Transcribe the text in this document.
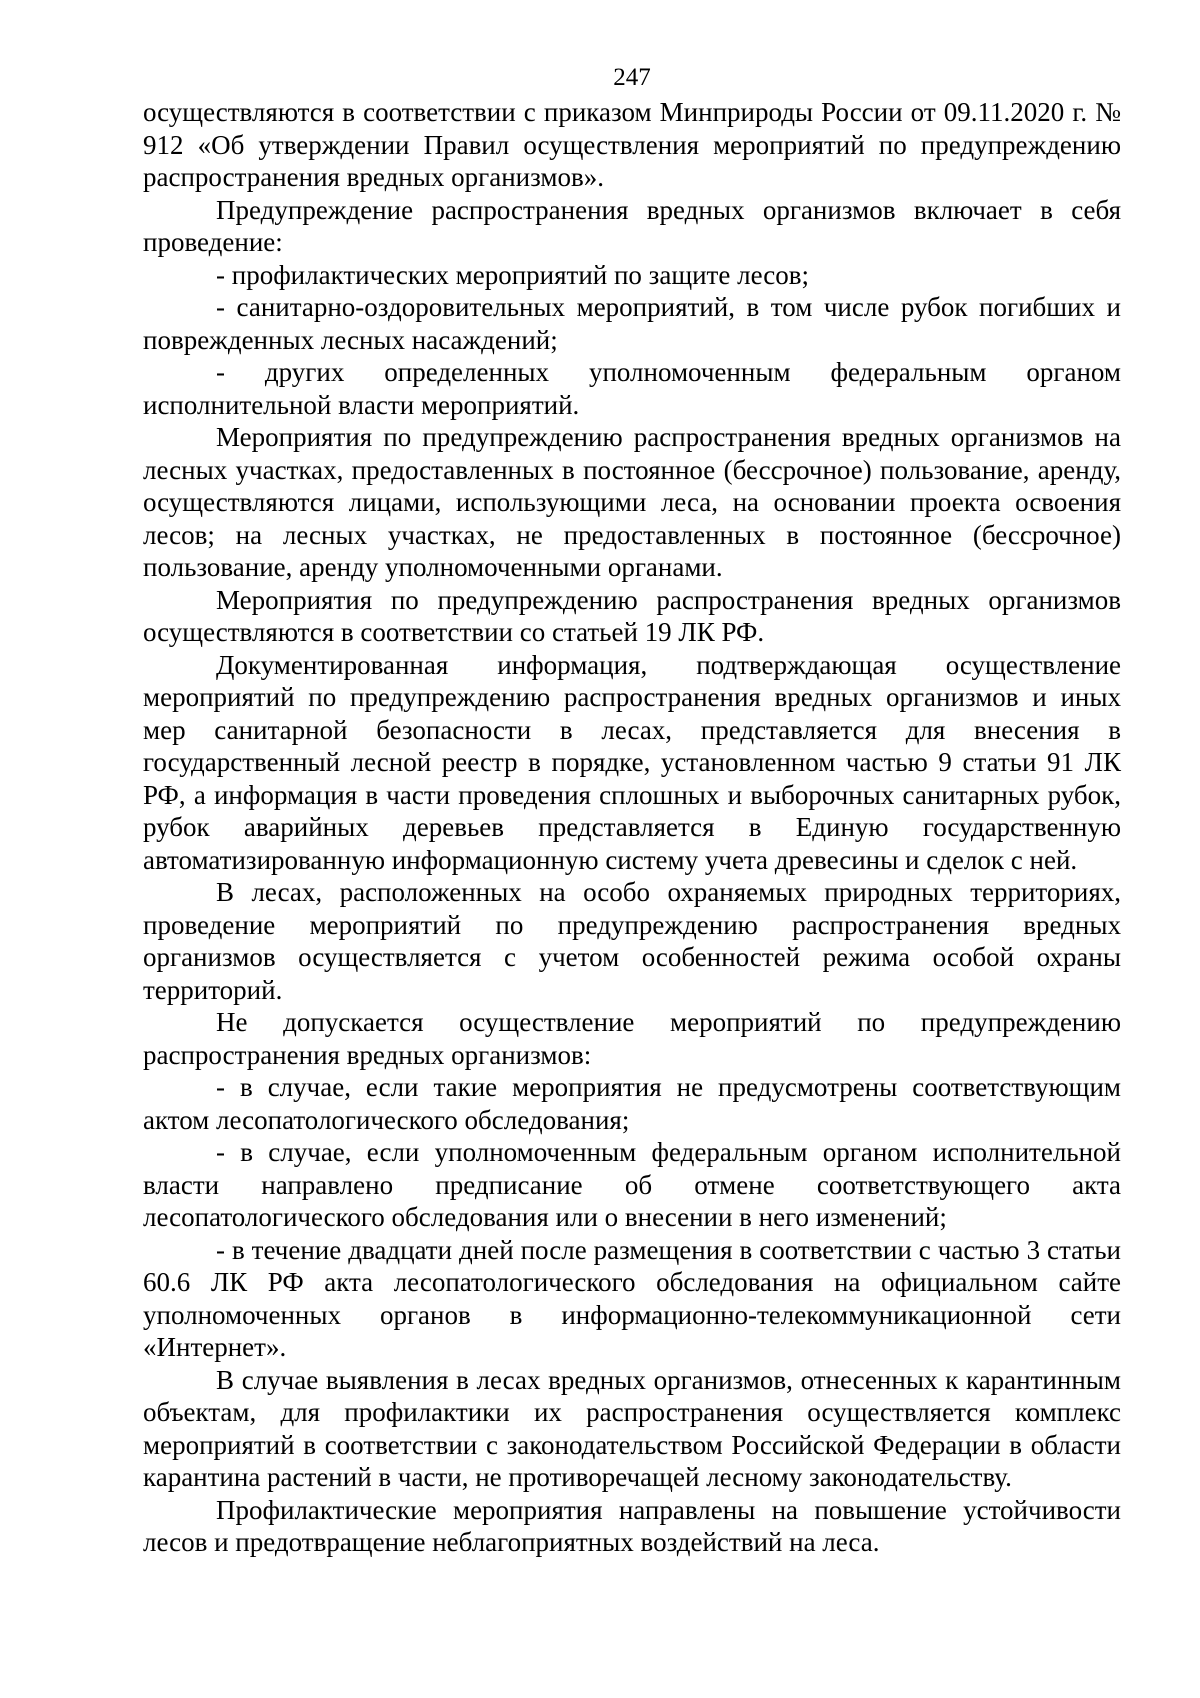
247

осуществляются в соответствии с приказом Минприроды России от 09.11.2020 г. № 912 «Об утверждении Правил осуществления мероприятий по предупреждению распространения вредных организмов».

Предупреждение распространения вредных организмов включает в себя проведение:

- профилактических мероприятий по защите лесов;

- санитарно-оздоровительных мероприятий, в том числе рубок погибших и поврежденных лесных насаждений;

- других определенных уполномоченным федеральным органом исполнительной власти мероприятий.

Мероприятия по предупреждению распространения вредных организмов на лесных участках, предоставленных в постоянное (бессрочное) пользование, аренду, осуществляются лицами, использующими леса, на основании проекта освоения лесов; на лесных участках, не предоставленных в постоянное (бессрочное) пользование, аренду уполномоченными органами.

Мероприятия по предупреждению распространения вредных организмов осуществляются в соответствии со статьей 19 ЛК РФ.

Документированная информация, подтверждающая осуществление мероприятий по предупреждению распространения вредных организмов и иных мер санитарной безопасности в лесах, представляется для внесения в государственный лесной реестр в порядке, установленном частью 9 статьи 91 ЛК РФ, а информация в части проведения сплошных и выборочных санитарных рубок, рубок аварийных деревьев представляется в Единую государственную автоматизированную информационную систему учета древесины и сделок с ней.

В лесах, расположенных на особо охраняемых природных территориях, проведение мероприятий по предупреждению распространения вредных организмов осуществляется с учетом особенностей режима особой охраны территорий.

Не допускается осуществление мероприятий по предупреждению распространения вредных организмов:

- в случае, если такие мероприятия не предусмотрены соответствующим актом лесопатологического обследования;

- в случае, если уполномоченным федеральным органом исполнительной власти направлено предписание об отмене соответствующего акта лесопатологического обследования или о внесении в него изменений;

- в течение двадцати дней после размещения в соответствии с частью 3 статьи 60.6 ЛК РФ акта лесопатологического обследования на официальном сайте уполномоченных органов в информационно-телекоммуникационной сети «Интернет».

В случае выявления в лесах вредных организмов, отнесенных к карантинным объектам, для профилактики их распространения осуществляется комплекс мероприятий в соответствии с законодательством Российской Федерации в области карантина растений в части, не противоречащей лесному законодательству.

Профилактические мероприятия направлены на повышение устойчивости лесов и предотвращение неблагоприятных воздействий на леса.
